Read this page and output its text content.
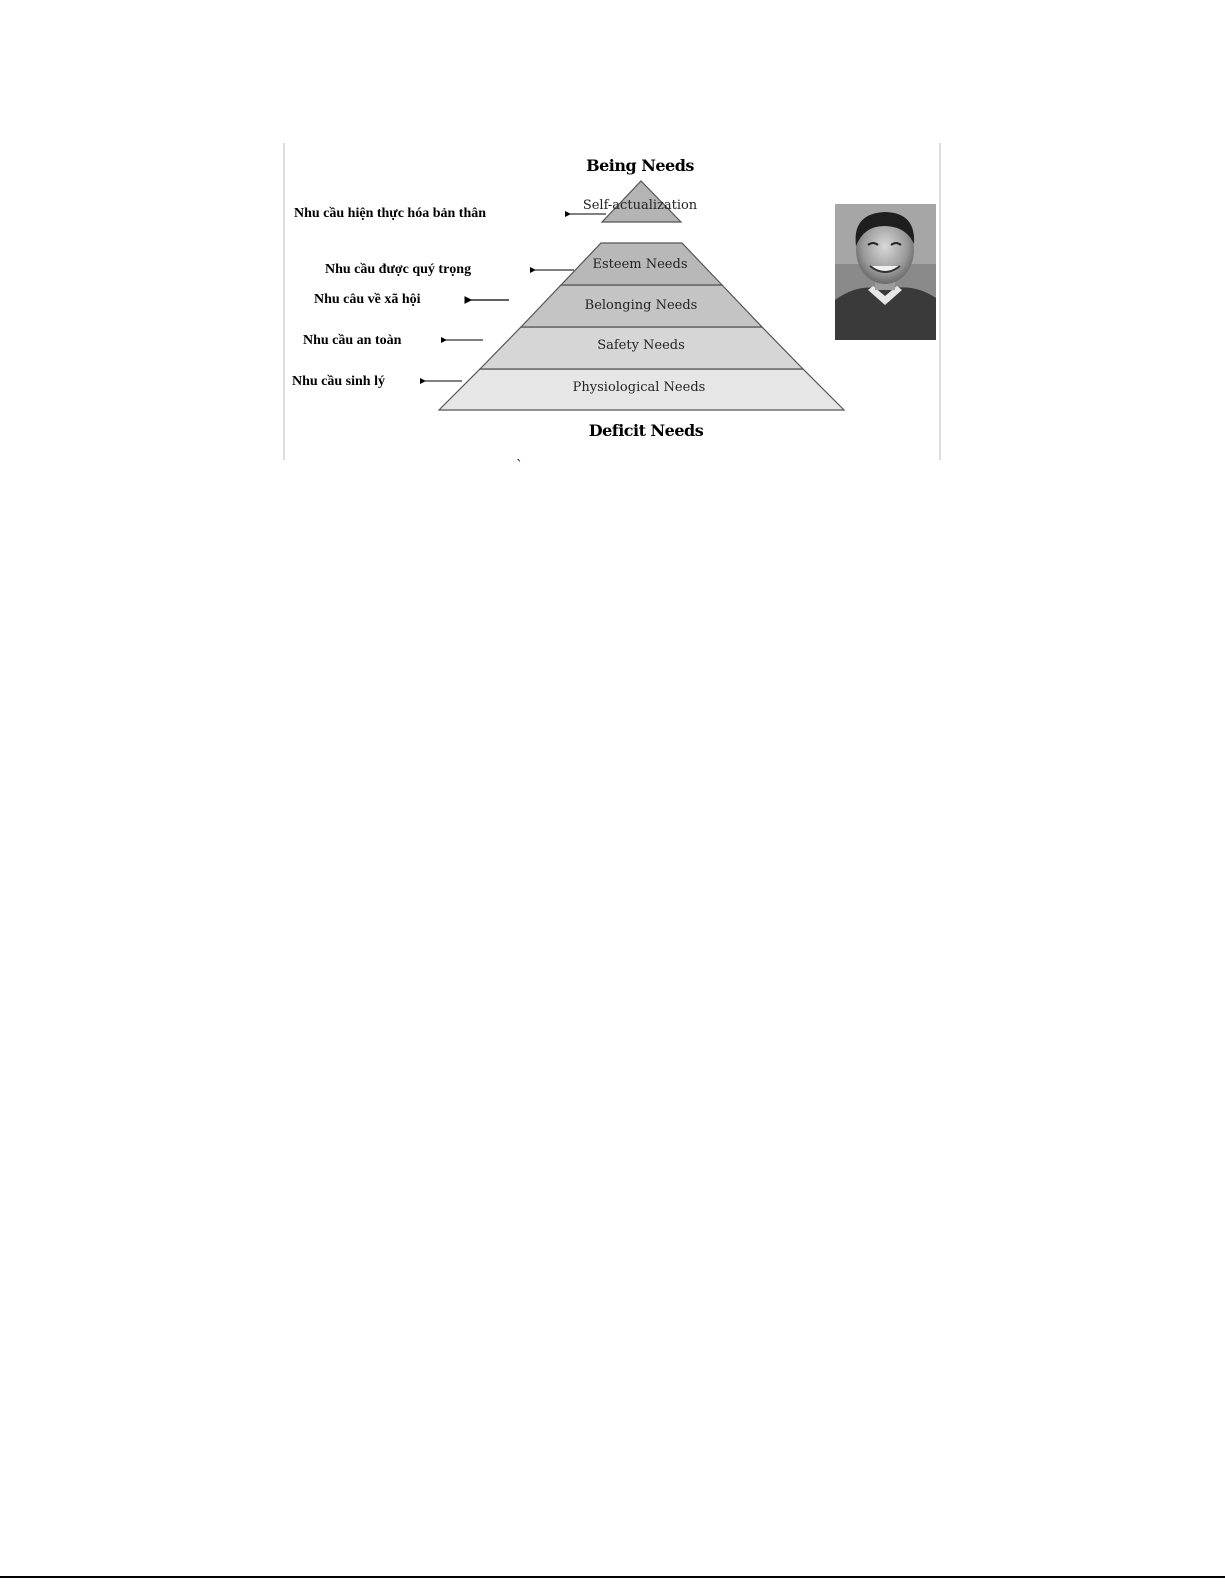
Being Needs
Deficit Needs
Self-actualization
Esteem Needs
Belonging Needs
Safety Needs
Physiological Needs
Nhu cầu hiện thực hóa bản thân
Nhu cầu được quý trọng
Nhu câu về xã hội
Nhu cầu an toàn
Nhu cầu sinh lý
`
